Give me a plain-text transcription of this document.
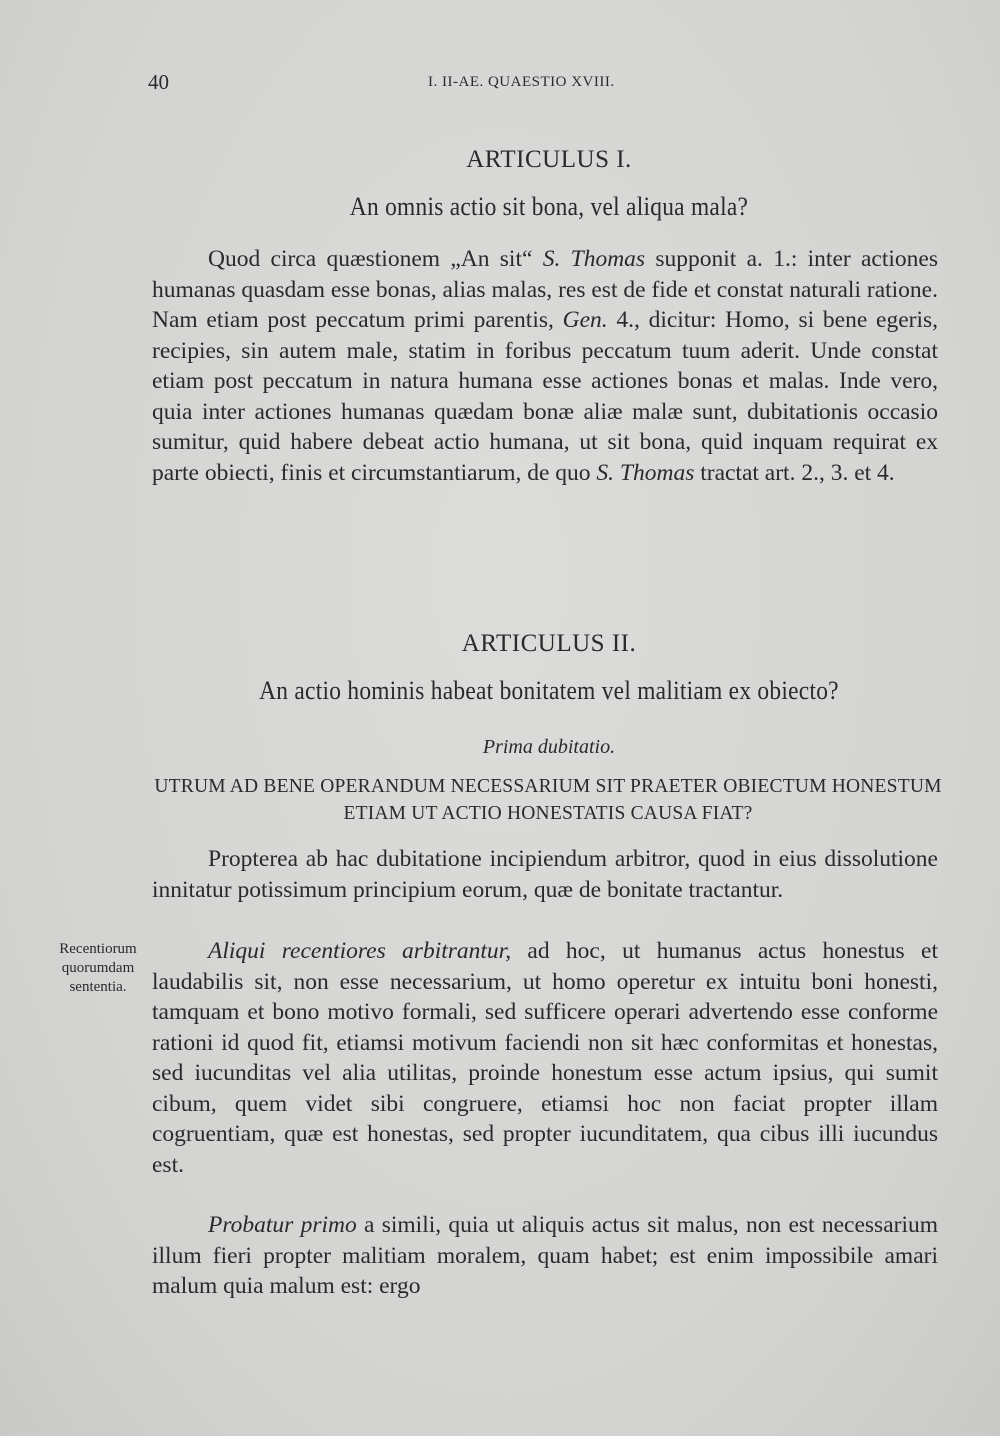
40	I. II-AE. QUAESTIO XVIII.
ARTICULUS I.
An omnis actio sit bona, vel aliqua mala?

Quod circa quæstionem „An sit“ S. Thomas supponit a. 1.: inter actiones humanas quasdam esse bonas, alias malas, res est de fide et constat naturali ratione. Nam etiam post peccatum primi parentis, Gen. 4., dicitur: Homo, si bene egeris, recipies, sin autem male, statim in foribus peccatum tuum aderit. Unde constat etiam post peccatum in natura humana esse actiones bonas et malas. Inde vero, quia inter actiones humanas quædam bonæ aliæ malæ sunt, dubitationis occasio sumitur, quid habere debeat actio humana, ut sit bona, quid inquam requirat ex parte obiecti, finis et circumstantiarum, de quo S. Thomas tractat art. 2., 3. et 4.

ARTICULUS II.
An actio hominis habeat bonitatem vel malitiam ex obiecto?
Prima dubitatio.
UTRUM AD BENE OPERANDUM NECESSARIUM SIT PRAETER OBIECTUM HONESTUM ETIAM UT ACTIO HONESTATIS CAUSA FIAT?

Propterea ab hac dubitatione incipiendum arbitror, quod in eius dissolutione innitatur potissimum principium eorum, quæ de bonitate tractantur.

Recentiorum
quorumdam
sententia.

Aliqui recentiores arbitrantur, ad hoc, ut humanus actus honestus et laudabilis sit, non esse necessarium, ut homo operetur ex intuitu boni honesti, tamquam et bono motivo formali, sed sufficere operari advertendo esse conforme rationi id quod fit, etiamsi motivum faciendi non sit hæc conformitas et honestas, sed iucunditas vel alia utilitas, proinde honestum esse actum ipsius, qui sumit cibum, quem videt sibi congruere, etiamsi hoc non faciat propter illam cogruentiam, quæ est honestas, sed propter iucunditatem, qua cibus illi iucundus est.

Probatur primo a simili, quia ut aliquis actus sit malus, non est necessarium illum fieri propter malitiam moralem, quam habet; est enim impossibile amari malum quia malum est: ergo
